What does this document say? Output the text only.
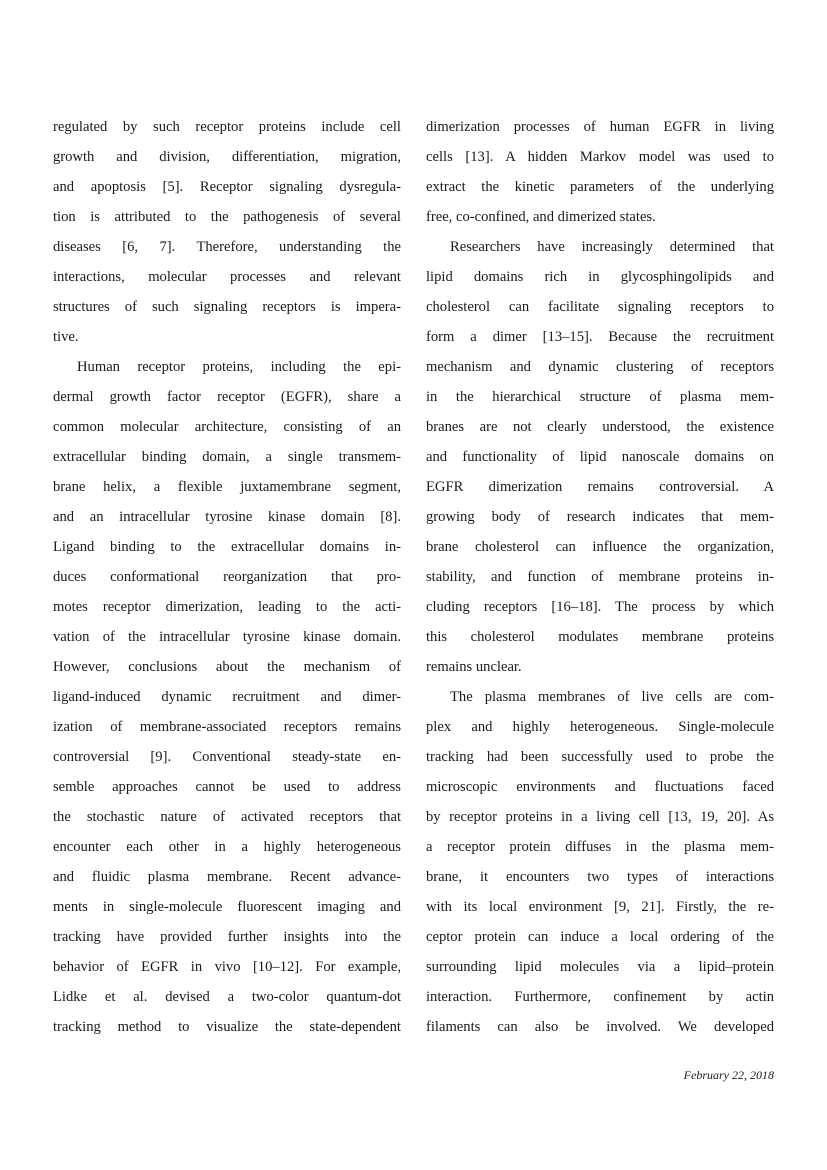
regulated by such receptor proteins include cell
growth and division, differentiation, migration,
and apoptosis [5]. Receptor signaling dysregula-
tion is attributed to the pathogenesis of several
diseases [6, 7]. Therefore, understanding the
interactions, molecular processes and relevant
structures of such signaling receptors is impera-
tive.
Human receptor proteins, including the epi-
dermal growth factor receptor (EGFR), share a
common molecular architecture, consisting of an
extracellular binding domain, a single transmem-
brane helix, a flexible juxtamembrane segment,
and an intracellular tyrosine kinase domain [8].
Ligand binding to the extracellular domains in-
duces conformational reorganization that pro-
motes receptor dimerization, leading to the acti-
vation of the intracellular tyrosine kinase domain.
However, conclusions about the mechanism of
ligand-induced dynamic recruitment and dimer-
ization of membrane-associated receptors remains
controversial [9]. Conventional steady-state en-
semble approaches cannot be used to address
the stochastic nature of activated receptors that
encounter each other in a highly heterogeneous
and fluidic plasma membrane. Recent advance-
ments in single-molecule fluorescent imaging and
tracking have provided further insights into the
behavior of EGFR in vivo [10–12]. For example,
Lidke et al. devised a two-color quantum-dot
tracking method to visualize the state-dependent
dimerization processes of human EGFR in living
cells [13]. A hidden Markov model was used to
extract the kinetic parameters of the underlying
free, co-confined, and dimerized states.
Researchers have increasingly determined that
lipid domains rich in glycosphingolipids and
cholesterol can facilitate signaling receptors to
form a dimer [13–15]. Because the recruitment
mechanism and dynamic clustering of receptors
in the hierarchical structure of plasma mem-
branes are not clearly understood, the existence
and functionality of lipid nanoscale domains on
EGFR dimerization remains controversial. A
growing body of research indicates that mem-
brane cholesterol can influence the organization,
stability, and function of membrane proteins in-
cluding receptors [16–18]. The process by which
this cholesterol modulates membrane proteins
remains unclear.
The plasma membranes of live cells are com-
plex and highly heterogeneous. Single-molecule
tracking had been successfully used to probe the
microscopic environments and fluctuations faced
by receptor proteins in a living cell [13, 19, 20]. As
a receptor protein diffuses in the plasma mem-
brane, it encounters two types of interactions
with its local environment [9, 21]. Firstly, the re-
ceptor protein can induce a local ordering of the
surrounding lipid molecules via a lipid–protein
interaction. Furthermore, confinement by actin
filaments can also be involved. We developed
February 22, 2018
